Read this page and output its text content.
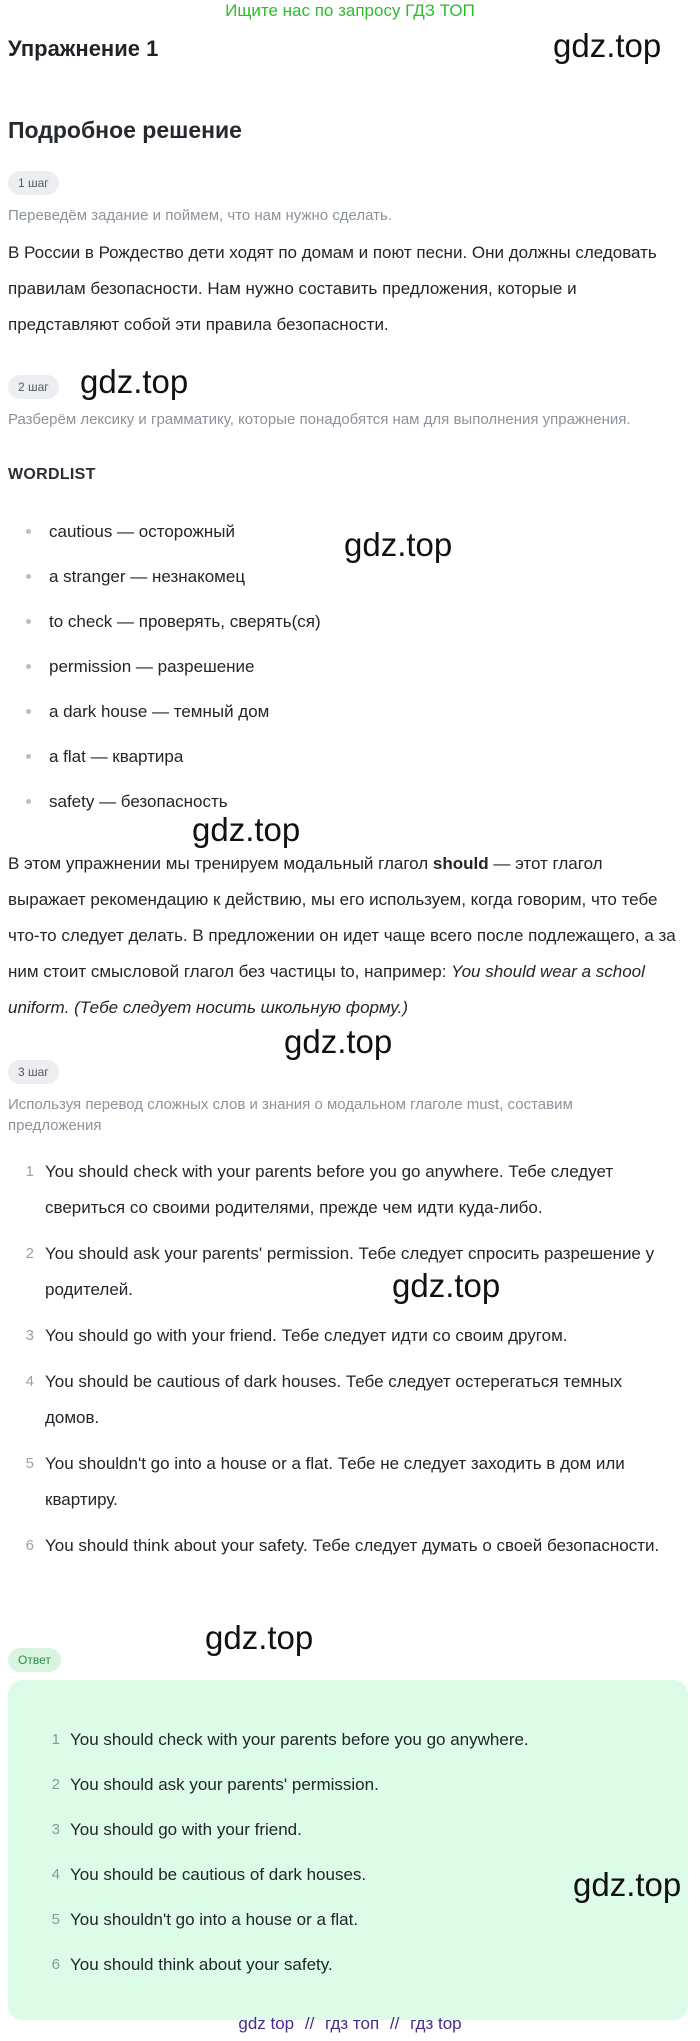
Ищите нас по запросу ГДЗ ТОП
Упражнение 1	gdz.top
Подробное решение
1 шаг
Переведём задание и поймем, что нам нужно сделать.
В России в Рождество дети ходят по домам и поют песни. Они должны следовать правилам безопасности. Нам нужно составить предложения, которые и представляют собой эти правила безопасности.
2 шаг gdz.top
Разберём лексику и грамматику, которые понадобятся нам для выполнения упражнения.
WORDLIST
cautious — осторожный
a stranger — незнакомец
to check — проверять, сверять(ся)
permission — разрешение
a dark house — темный дом
a flat — квартира
safety — безопасность
gdz.top
gdz.top
В этом упражнении мы тренируем модальный глагол should — этот глагол выражает рекомендацию к действию, мы его используем, когда говорим, что тебе что-то следует делать. В предложении он идет чаще всего после подлежащего, а за ним стоит смысловой глагол без частицы to, например: You should wear a school uniform. (Тебе следует носить школьную форму.)
gdz.top
3 шаг
Используя перевод сложных слов и знания о модальном глаголе must, составим предложения
1 You should check with your parents before you go anywhere. Тебе следует свериться со своими родителями, прежде чем идти куда-либо.
2 You should ask your parents' permission. Тебе следует спросить разрешение у родителей.
3 You should go with your friend. Тебе следует идти со своим другом.
4 You should be cautious of dark houses. Тебе следует остерегаться темных домов.
5 You shouldn't go into a house or a flat. Тебе не следует заходить в дом или квартиру.
6 You should think about your safety. Тебе следует думать о своей безопасности.
gdz.top
gdz.top
Ответ
1 You should check with your parents before you go anywhere.
2 You should ask your parents' permission.
3 You should go with your friend.
4 You should be cautious of dark houses.
5 You shouldn't go into a house or a flat.
6 You should think about your safety.
gdz.top
gdz top // гдз топ // гдз top
